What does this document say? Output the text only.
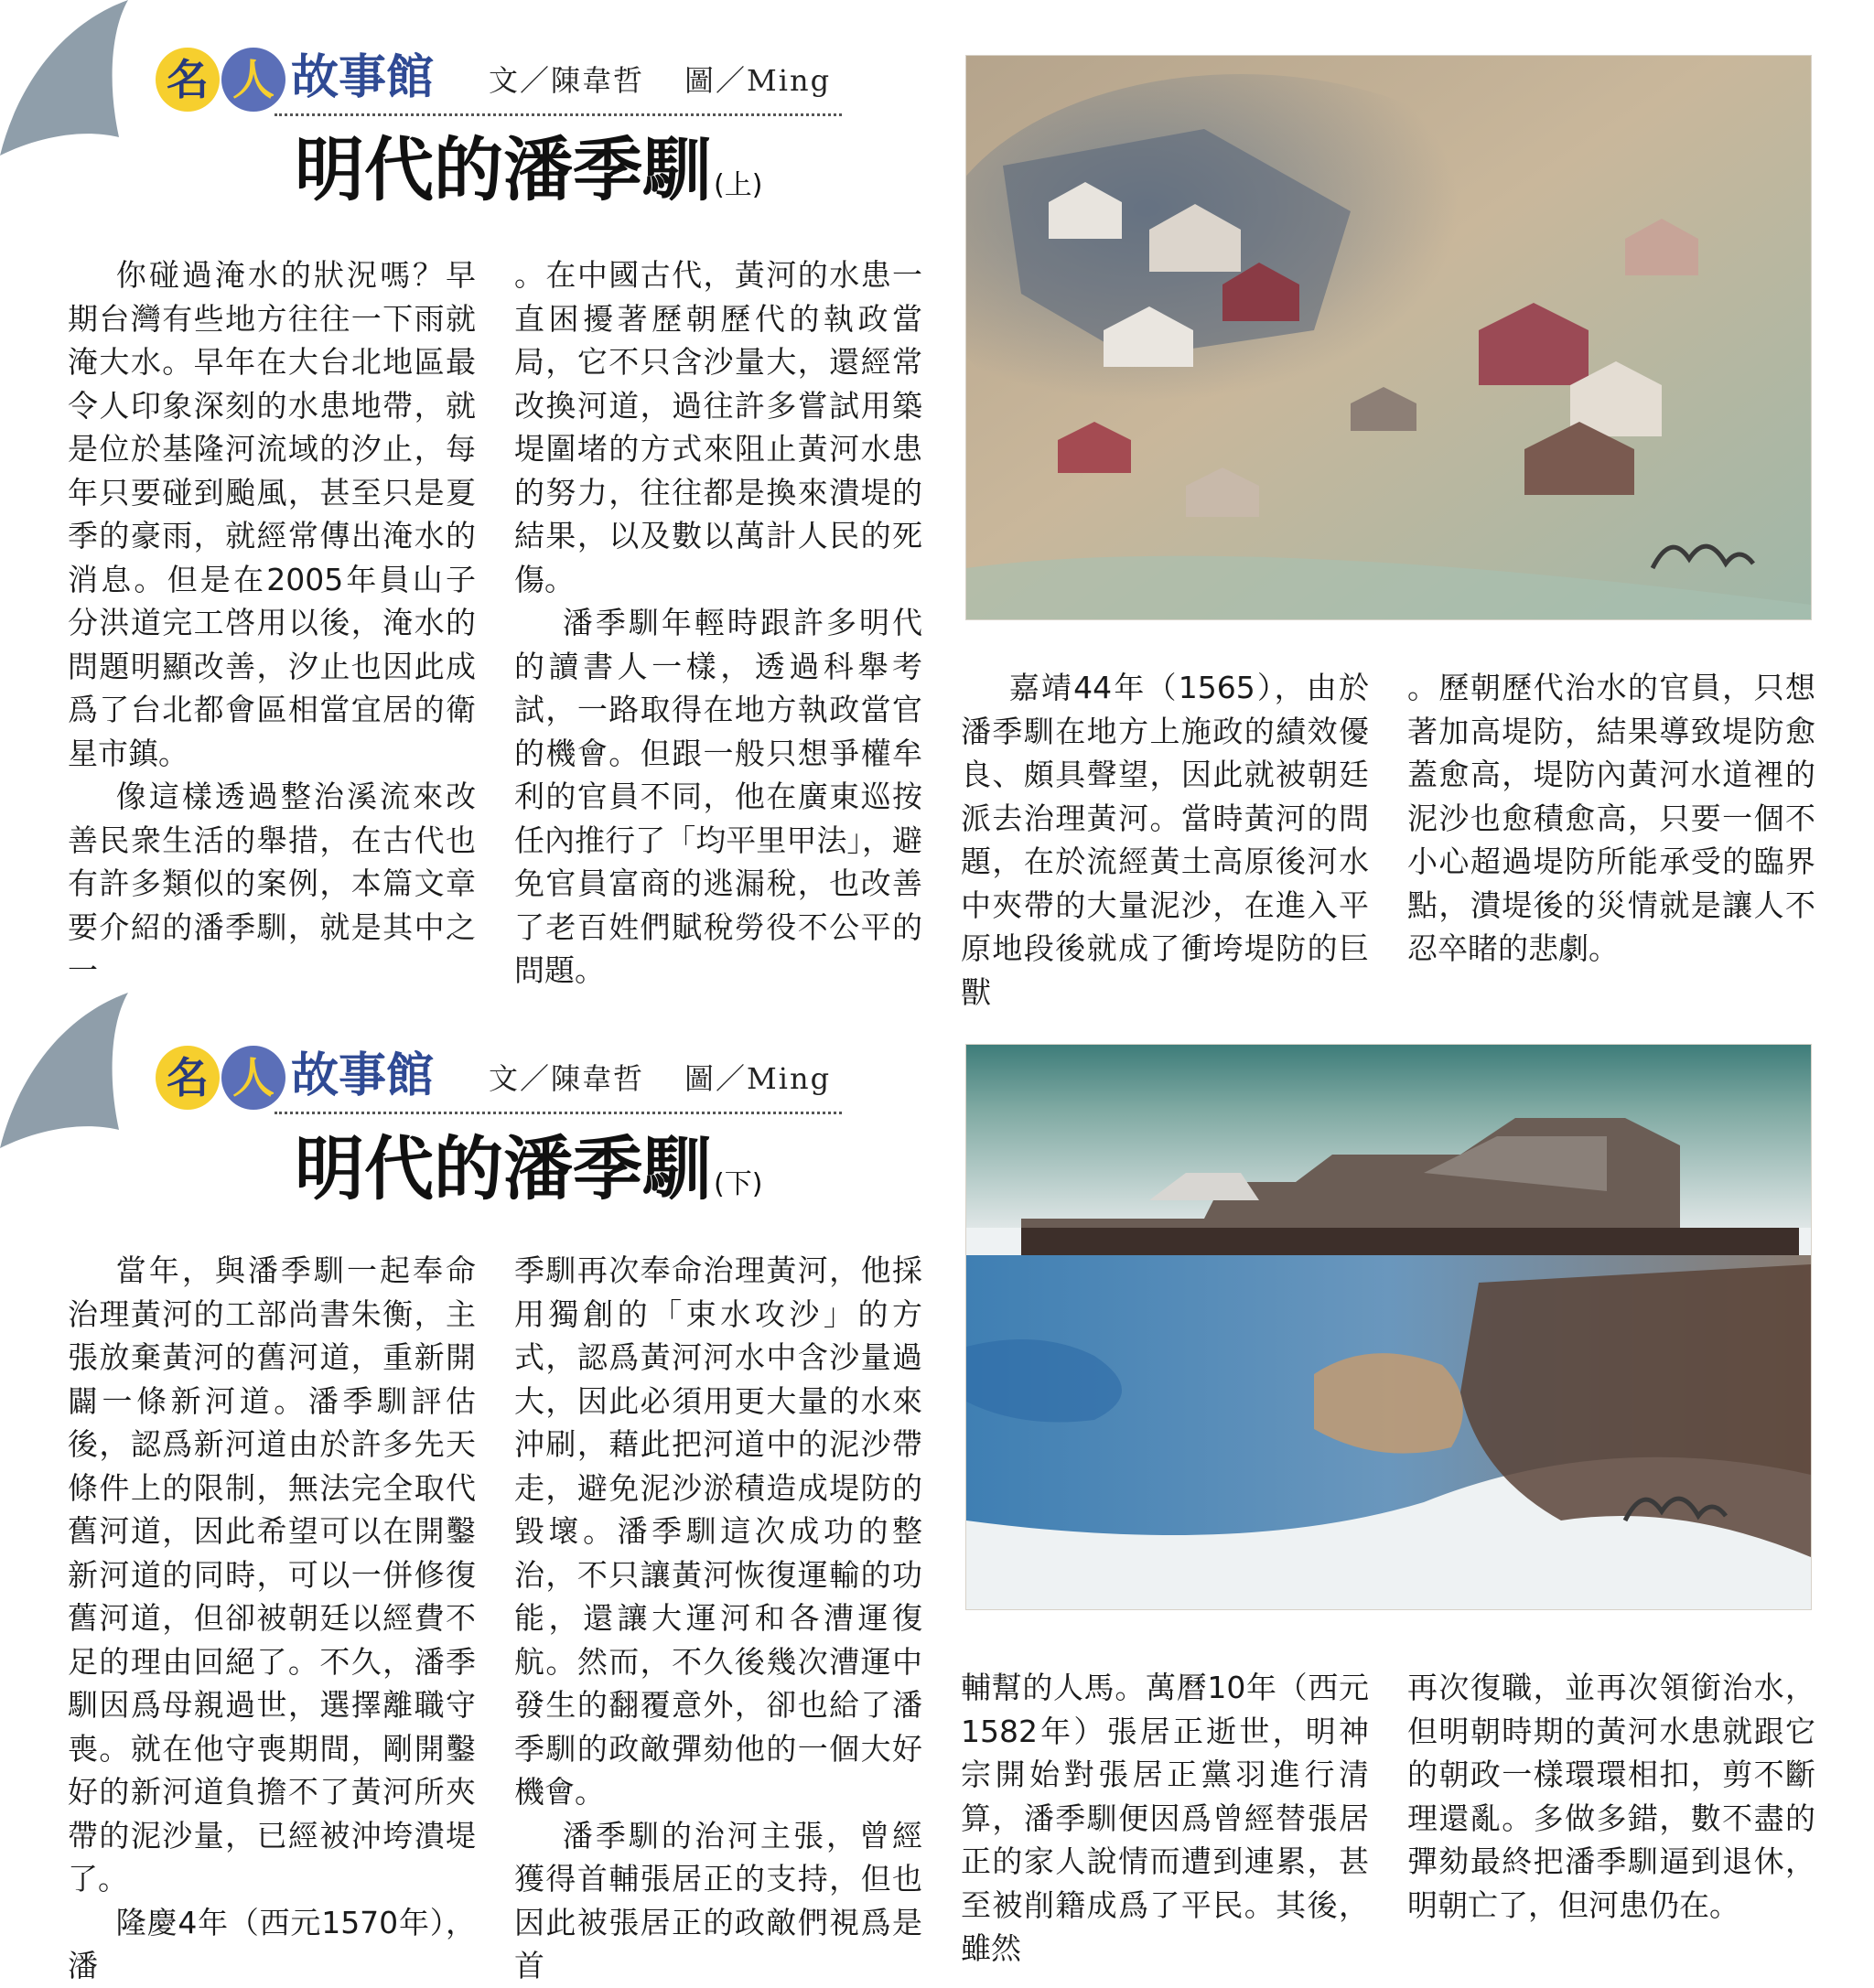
名 人 故事館 文／陳韋哲 圖／Ming
明代的潘季馴(上)

你碰過淹水的狀況嗎？早期台灣有些地方往往一下雨就淹大水。早年在大台北地區最令人印象深刻的水患地帶，就是位於基隆河流域的汐止，每年只要碰到颱風，甚至只是夏季的豪雨，就經常傳出淹水的消息。但是在2005年員山子分洪道完工啓用以後，淹水的問題明顯改善，汐止也因此成爲了台北都會區相當宜居的衛星市鎮。

像這樣透過整治溪流來改善民衆生活的舉措，在古代也有許多類似的案例，本篇文章要介紹的潘季馴，就是其中之一

。在中國古代，黃河的水患一直困擾著歷朝歷代的執政當局，它不只含沙量大，還經常改換河道，過往許多嘗試用築堤圍堵的方式來阻止黃河水患的努力，往往都是換來潰堤的結果，以及數以萬計人民的死傷。

潘季馴年輕時跟許多明代的讀書人一樣，透過科舉考試，一路取得在地方執政當官的機會。但跟一般只想爭權牟利的官員不同，他在廣東巡按任內推行了「均平里甲法」，避免官員富商的逃漏稅，也改善了老百姓們賦稅勞役不公平的問題。

嘉靖44年（1565），由於潘季馴在地方上施政的績效優良、頗具聲望，因此就被朝廷派去治理黃河。當時黃河的問題，在於流經黃土高原後河水中夾帶的大量泥沙，在進入平原地段後就成了衝垮堤防的巨獸

。歷朝歷代治水的官員，只想著加高堤防，結果導致堤防愈蓋愈高，堤防內黃河水道裡的泥沙也愈積愈高，只要一個不小心超過堤防所能承受的臨界點，潰堤後的災情就是讓人不忍卒睹的悲劇。

名 人 故事館 文／陳韋哲 圖／Ming
明代的潘季馴(下)

當年，與潘季馴一起奉命治理黃河的工部尚書朱衡，主張放棄黃河的舊河道，重新開闢一條新河道。潘季馴評估後，認爲新河道由於許多先天條件上的限制，無法完全取代舊河道，因此希望可以在開鑿新河道的同時，可以一併修復舊河道，但卻被朝廷以經費不足的理由回絕了。不久，潘季馴因爲母親過世，選擇離職守喪。就在他守喪期間，剛開鑿好的新河道負擔不了黃河所夾帶的泥沙量，已經被沖垮潰堤了。

隆慶4年（西元1570年），潘

季馴再次奉命治理黃河，他採用獨創的「束水攻沙」的方式，認爲黃河河水中含沙量過大，因此必須用更大量的水來沖刷，藉此把河道中的泥沙帶走，避免泥沙淤積造成堤防的毀壞。潘季馴這次成功的整治，不只讓黃河恢復運輸的功能，還讓大運河和各漕運復航。然而，不久後幾次漕運中發生的翻覆意外，卻也給了潘季馴的政敵彈劾他的一個大好機會。

潘季馴的治河主張，曾經獲得首輔張居正的支持，但也因此被張居正的政敵們視爲是首

輔幫的人馬。萬曆10年（西元1582年）張居正逝世，明神宗開始對張居正黨羽進行清算，潘季馴便因爲曾經替張居正的家人說情而遭到連累，甚至被削籍成爲了平民。其後，雖然

再次復職，並再次領銜治水，但明朝時期的黃河水患就跟它的朝政一樣環環相扣，剪不斷理還亂。多做多錯，數不盡的彈劾最終把潘季馴逼到退休，明朝亡了，但河患仍在。
